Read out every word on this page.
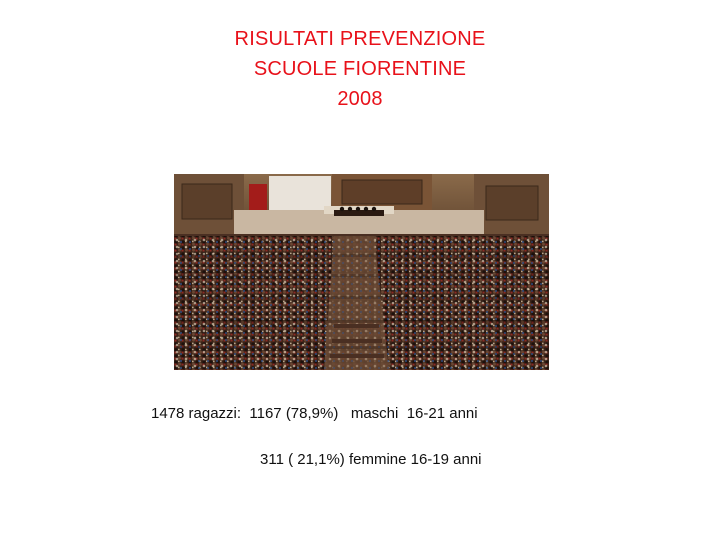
RISULTATI PREVENZIONE
SCUOLE FIORENTINE
2008
1478 ragazzi:  1167 (78,9%)   maschi  16-21 anni
311 ( 21,1%) femmine 16-19 anni
